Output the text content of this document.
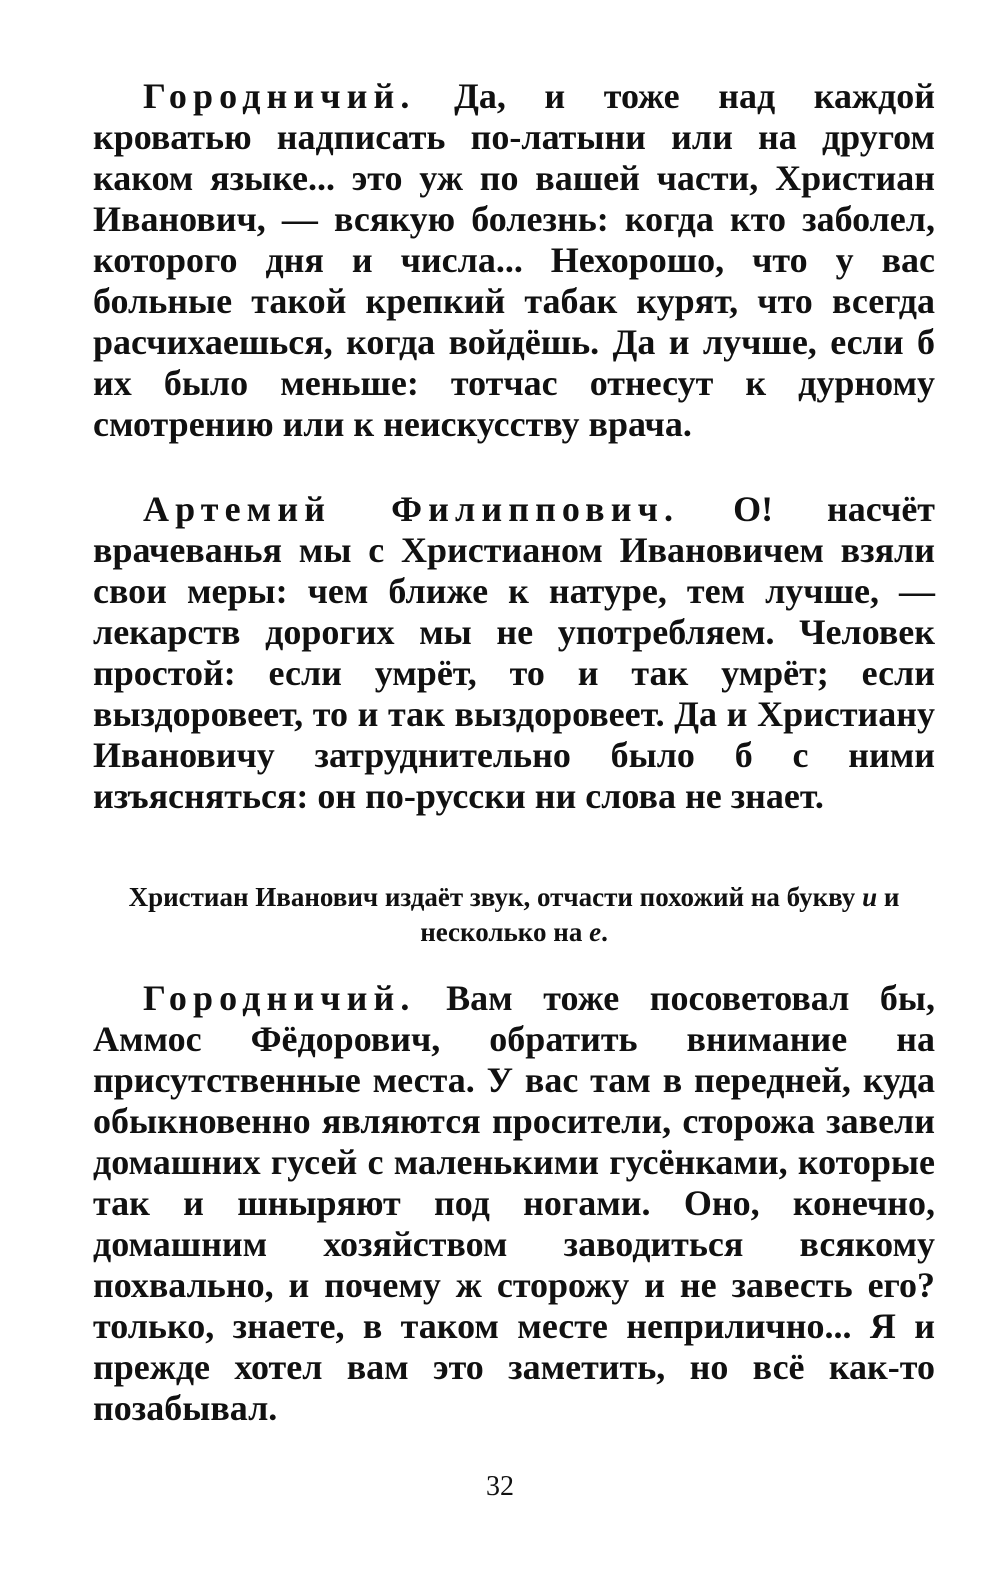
Городничий. Да, и тоже над каждой кроватью надписать по-латыни или на другом каком языке... это уж по вашей части, Христиан Иванович, — всякую болезнь: когда кто заболел, которого дня и числа... Нехорошо, что у вас больные такой крепкий табак курят, что всегда расчихаешься, когда войдёшь. Да и лучше, если б их было меньше: тотчас отнесут к дурному смотрению или к неискусству врача.

Артемий Филиппович. О! насчёт врачеванья мы с Христианом Ивановичем взяли свои меры: чем ближе к натуре, тем лучше, — лекарств дорогих мы не употребляем. Человек простой: если умрёт, то и так умрёт; если выздоровеет, то и так выздоровеет. Да и Христиану Ивановичу затруднительно было б с ними изъясняться: он по-русски ни слова не знает.

Христиан Иванович издаёт звук, отчасти похожий на букву и и несколько на е.

Городничий. Вам тоже посоветовал бы, Аммос Фёдорович, обратить внимание на присутственные места. У вас там в передней, куда обыкновенно являются просители, сторожа завели домашних гусей с маленькими гусёнками, которые так и шныряют под ногами. Оно, конечно, домашним хозяйством заводиться всякому похвально, и почему ж сторожу и не завесть его? только, знаете, в таком месте неприлично... Я и прежде хотел вам это заметить, но всё как-то позабывал.

32
